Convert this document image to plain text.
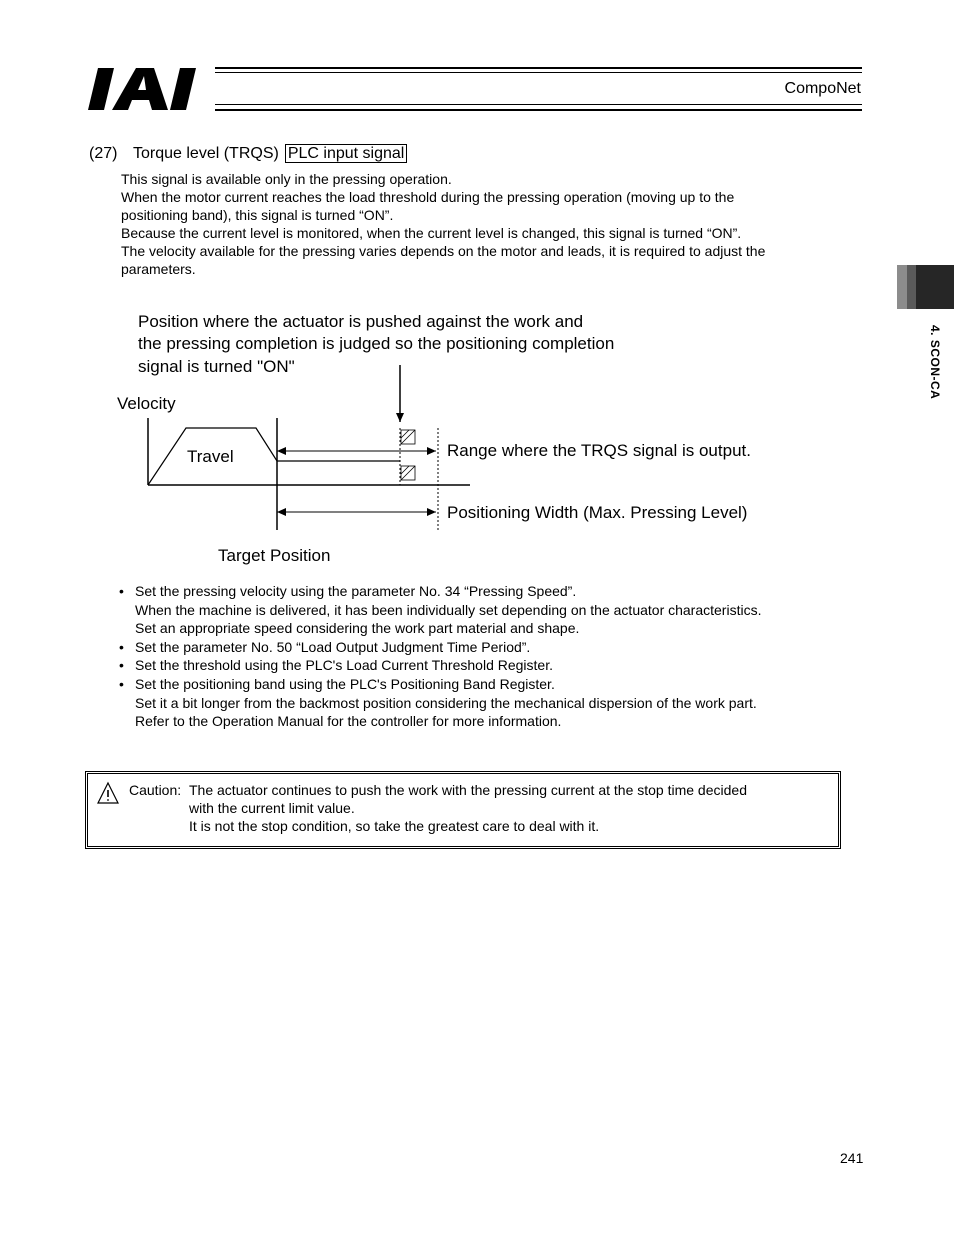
CompoNet
4. SCON-CA
(27) Torque level (TRQS) PLC input signal

This signal is available only in the pressing operation.

When the motor current reaches the load threshold during the pressing operation (moving up to the

positioning band), this signal is turned “ON”.

Because the current level is monitored, when the current level is changed, this signal is turned “ON”.

The velocity available for the pressing varies depends on the motor and leads, it is required to adjust the

parameters.

Position where the actuator is pushed against the work and
the pressing completion is judged so the positioning completion
signal is turned "ON"
Velocity
Travel	Range where the TRQS signal is output.
Positioning Width (Max. Pressing Level)
Target Position
• Set the pressing velocity using the parameter No. 34 “Pressing Speed”.

When the machine is delivered, it has been individually set depending on the actuator characteristics.

Set an appropriate speed considering the work part material and shape.

• Set the parameter No. 50 “Load Output Judgment Time Period”.

• Set the threshold using the PLC's Load Current Threshold Register.

• Set the positioning band using the PLC's Positioning Band Register.

Set it a bit longer from the backmost position considering the mechanical dispersion of the work part.

Refer to the Operation Manual for the controller for more information.

Caution: The actuator continues to push the work with the pressing current at the stop time decided

with the current limit value.

It is not the stop condition, so take the greatest care to deal with it.

241
